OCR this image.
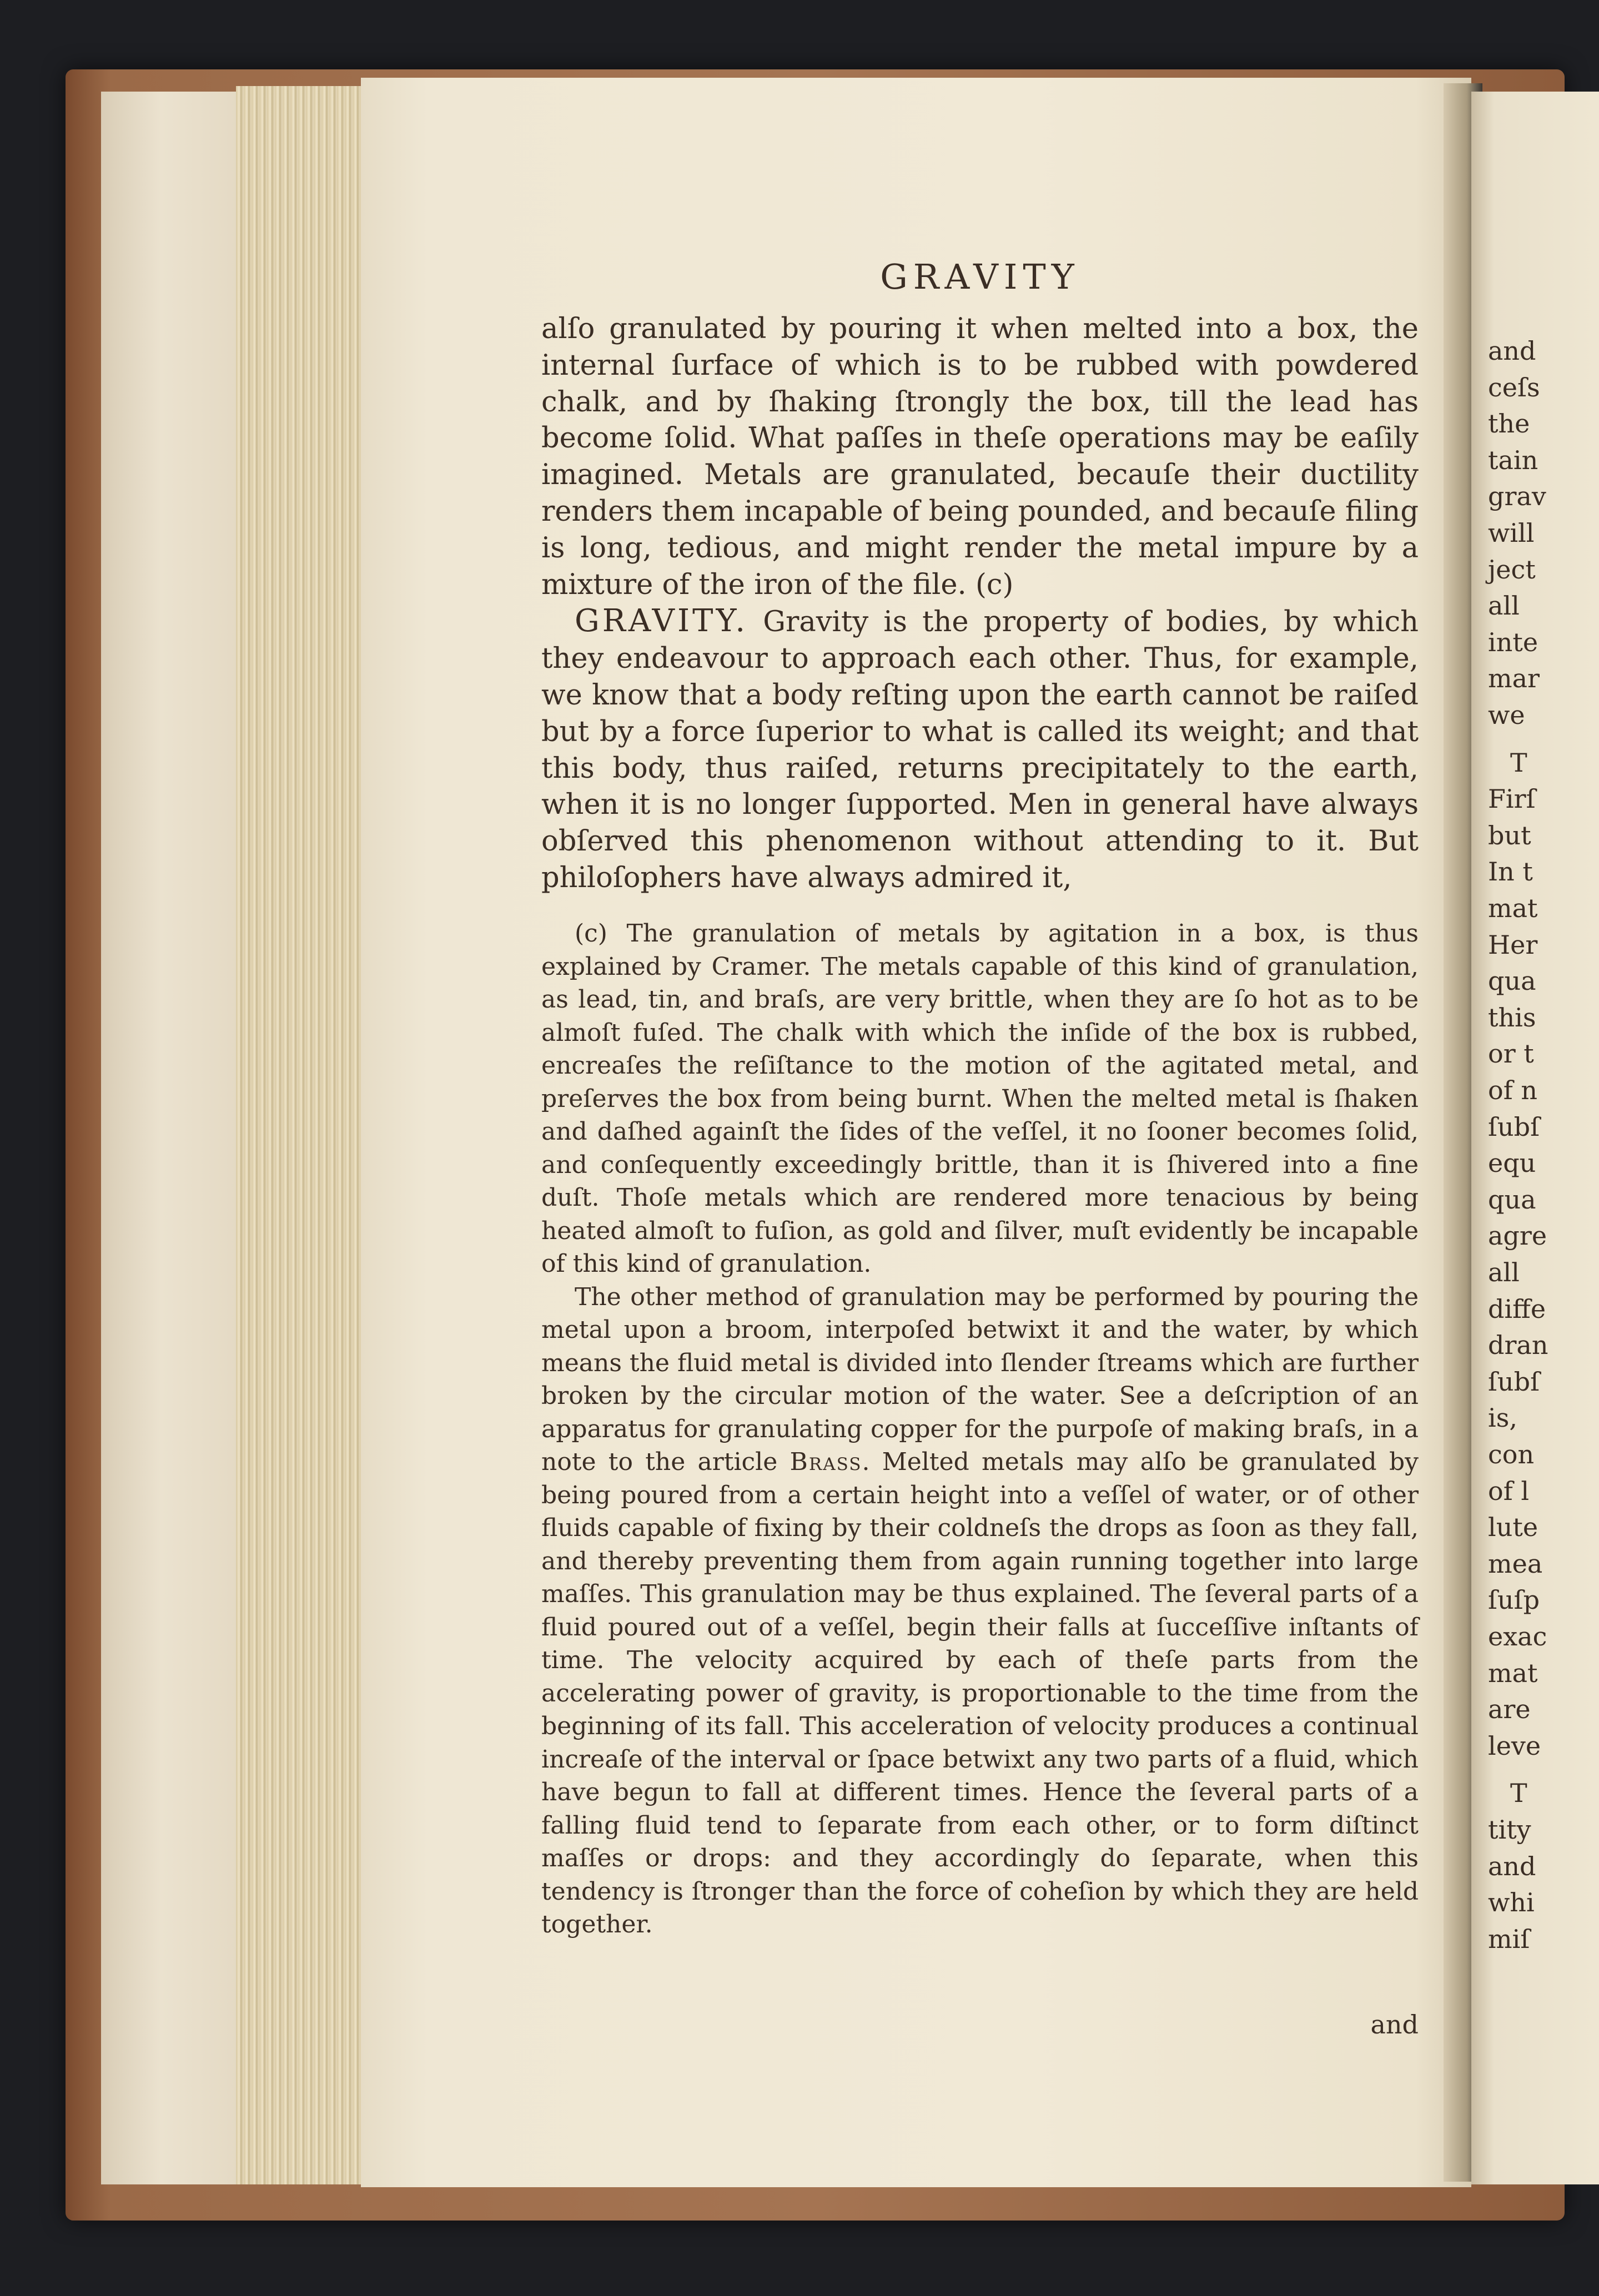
GRAVITY

alſo granulated by pouring it when melted into a box, the internal ſurface of which is to be rubbed with powdered chalk, and by ſhaking ſtrongly the box, till the lead has become ſolid. What paſſes in theſe operations may be eaſily imagined. Metals are granulated, becauſe their ductility renders them incapable of being pounded, and becauſe filing is long, tedious, and might render the metal impure by a mixture of the iron of the file. (c)

GRAVITY. Gravity is the property of bodies, by which they endeavour to approach each other. Thus, for example, we know that a body reſting upon the earth cannot be raiſed but by a force ſuperior to what is called its weight; and that this body, thus raiſed, returns precipitately to the earth, when it is no longer ſupported. Men in general have always obſerved this phenomenon without attending to it. But philoſophers have always admired it,

(c) The granulation of metals by agitation in a box, is thus explained by Cramer. The metals capable of this kind of granulation, as lead, tin, and braſs, are very brittle, when they are ſo hot as to be almoſt fuſed. The chalk with which the inſide of the box is rubbed, encreaſes the reſiſtance to the motion of the agitated metal, and preſerves the box from being burnt. When the melted metal is ſhaken and daſhed againſt the ſides of the veſſel, it no ſooner becomes ſolid, and conſequently exceedingly brittle, than it is ſhivered into a fine duſt. Thoſe metals which are rendered more tenacious by being heated almoſt to fuſion, as gold and ſilver, muſt evidently be incapable of this kind of granulation.

The other method of granulation may be performed by pouring the metal upon a broom, interpoſed betwixt it and the water, by which means the fluid metal is divided into ſlender ſtreams which are further broken by the circular motion of the water. See a deſcription of an apparatus for granulating copper for the purpoſe of making braſs, in a note to the article Brass. Melted metals may alſo be granulated by being poured from a certain height into a veſſel of water, or of other fluids capable of fixing by their coldneſs the drops as ſoon as they fall, and thereby preventing them from again running together into large maſſes. This granulation may be thus explained. The ſeveral parts of a fluid poured out of a veſſel, begin their falls at ſucceſſive inſtants of time. The velocity acquired by each of theſe parts from the accelerating power of gravity, is proportionable to the time from the beginning of its fall. This acceleration of velocity produces a continual increaſe of the interval or ſpace betwixt any two parts of a fluid, which have begun to fall at different times. Hence the ſeveral parts of a falling fluid tend to ſeparate from each other, or to form diſtinct maſſes or drops: and they accordingly do ſeparate, when this tendency is ſtronger than the force of coheſion by which they are held together.

and
and
ceſs
the
tain
grav
will
ject
all
inte
mar
we
T
Firſ
but
In t
mat
Her
qua
this
or t
of n
ſubſ
equ
qua
agre
all
diffe
dran
ſubſ
is,
con
of l
lute
mea
ſuſp
exac
mat
are
leve
T
tity
and
whi
miſ
